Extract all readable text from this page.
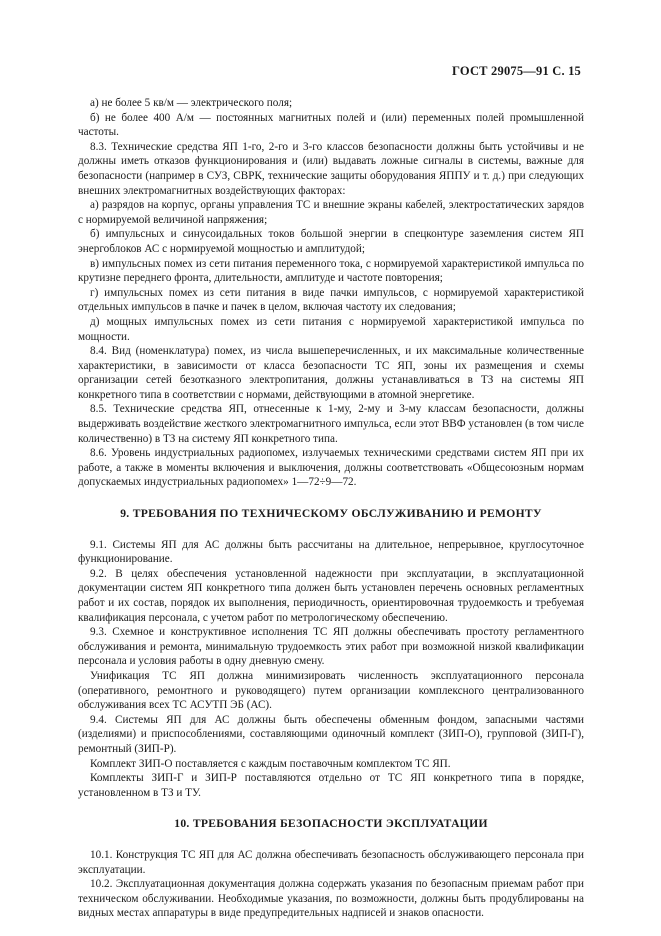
ГОСТ 29075—91 С. 15

а) не более 5 кв/м — электрического поля;

б) не более 400 А/м — постоянных магнитных полей и (или) переменных полей промышленной частоты.

8.3. Технические средства ЯП 1-го, 2-го и 3-го классов безопасности должны быть устойчивы и не должны иметь отказов функционирования и (или) выдавать ложные сигналы в системы, важные для безопасности (например в СУЗ, СВРК, технические защиты оборудования ЯППУ и т. д.) при следующих внешних электромагнитных воздействующих факторах:

а) разрядов на корпус, органы управления ТС и внешние экраны кабелей, электростатических зарядов с нормируемой величиной напряжения;

б) импульсных и синусоидальных токов большой энергии в спецконтуре заземления систем ЯП энергоблоков АС с нормируемой мощностью и амплитудой;

в) импульсных помех из сети питания переменного тока, с нормируемой характеристикой импульса по крутизне переднего фронта, длительности, амплитуде и частоте повторения;

г) импульсных помех из сети питания в виде пачки импульсов, с нормируемой характеристикой отдельных импульсов в пачке и пачек в целом, включая частоту их следования;

д) мощных импульсных помех из сети питания с нормируемой характеристикой импульса по мощности.

8.4. Вид (номенклатура) помех, из числа вышеперечисленных, и их максимальные количественные характеристики, в зависимости от класса безопасности ТС ЯП, зоны их размещения и схемы организации сетей безотказного электропитания, должны устанавливаться в ТЗ на системы ЯП конкретного типа в соответствии с нормами, действующими в атомной энергетике.

8.5. Технические средства ЯП, отнесенные к 1-му, 2-му и 3-му классам безопасности, должны выдерживать воздействие жесткого электромагнитного импульса, если этот ВВФ установлен (в том числе количественно) в ТЗ на систему ЯП конкретного типа.

8.6. Уровень индустриальных радиопомех, излучаемых техническими средствами систем ЯП при их работе, а также в моменты включения и выключения, должны соответствовать «Общесоюзным нормам допускаемых индустриальных радиопомех» 1—72÷9—72.

9. ТРЕБОВАНИЯ ПО ТЕХНИЧЕСКОМУ ОБСЛУЖИВАНИЮ И РЕМОНТУ

9.1. Системы ЯП для АС должны быть рассчитаны на длительное, непрерывное, круглосуточное функционирование.

9.2. В целях обеспечения установленной надежности при эксплуатации, в эксплуатационной документации систем ЯП конкретного типа должен быть установлен перечень основных регламентных работ и их состав, порядок их выполнения, периодичность, ориентировочная трудоемкость и требуемая квалификация персонала, с учетом работ по метрологическому обеспечению.

9.3. Схемное и конструктивное исполнения ТС ЯП должны обеспечивать простоту регламентного обслуживания и ремонта, минимальную трудоемкость этих работ при возможной низкой квалификации персонала и условия работы в одну дневную смену.

Унификация ТС ЯП должна минимизировать численность эксплуатационного персонала (оперативного, ремонтного и руководящего) путем организации комплексного централизованного обслуживания всех ТС АСУТП ЭБ (АС).

9.4. Системы ЯП для АС должны быть обеспечены обменным фондом, запасными частями (изделиями) и приспособлениями, составляющими одиночный комплект (ЗИП-О), групповой (ЗИП-Г), ремонтный (ЗИП-Р).

Комплект ЗИП-О поставляется с каждым поставочным комплектом ТС ЯП.

Комплекты ЗИП-Г и ЗИП-Р поставляются отдельно от ТС ЯП конкретного типа в порядке, установленном в ТЗ и ТУ.

10. ТРЕБОВАНИЯ БЕЗОПАСНОСТИ ЭКСПЛУАТАЦИИ

10.1. Конструкция ТС ЯП для АС должна обеспечивать безопасность обслуживающего персонала при эксплуатации.

10.2. Эксплуатационная документация должна содержать указания по безопасным приемам работ при техническом обслуживании. Необходимые указания, по возможности, должны быть продублированы на видных местах аппаратуры в виде предупредительных надписей и знаков опасности.
